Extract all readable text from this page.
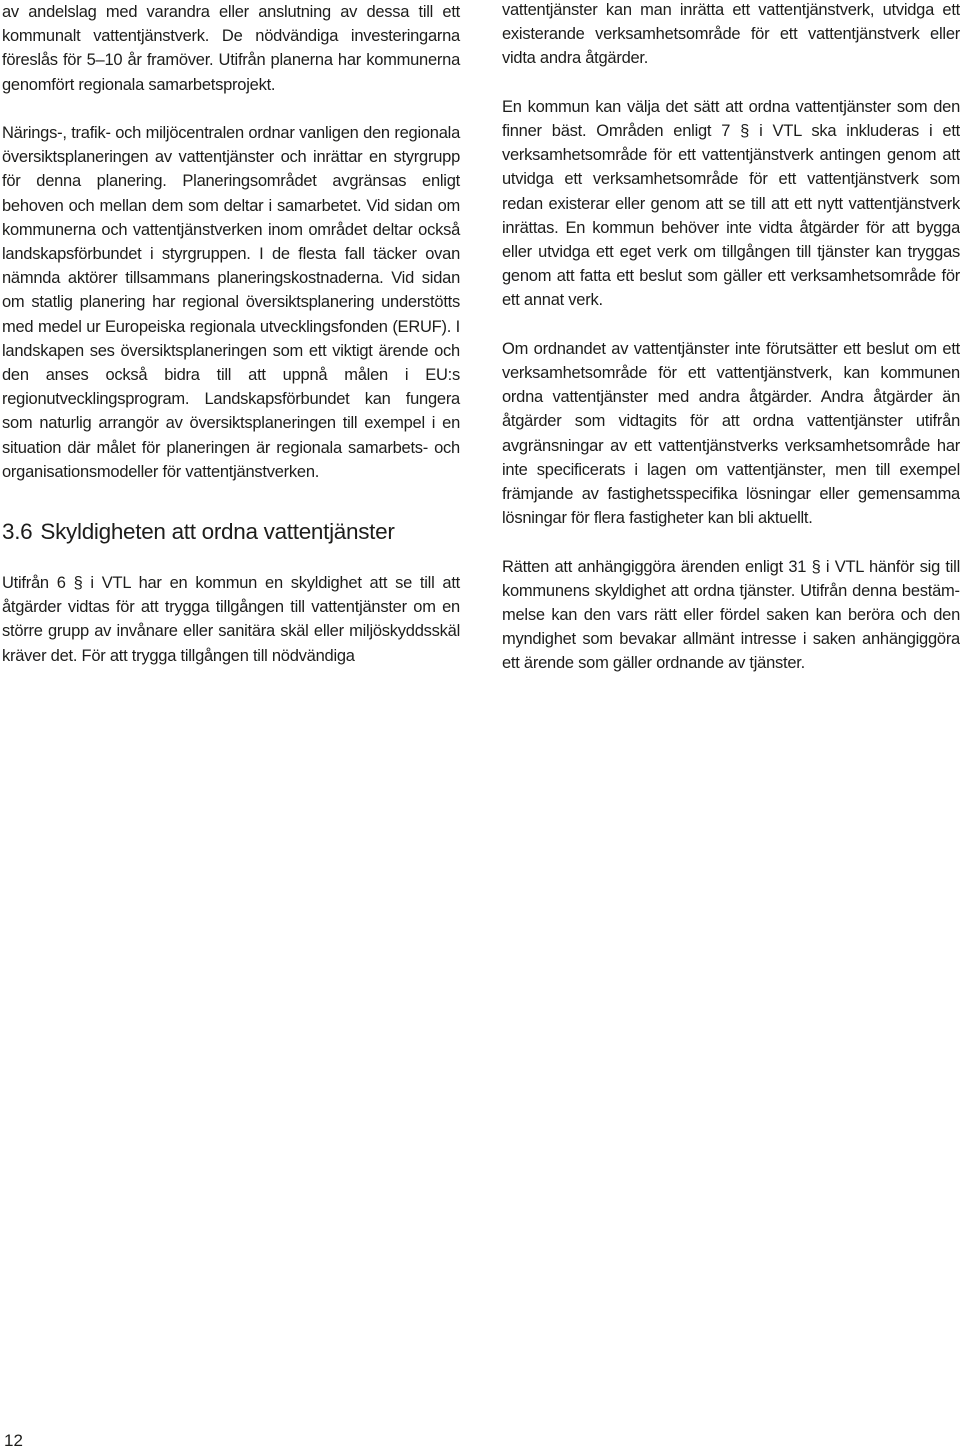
av andelslag med varandra eller anslutning av dessa till ett kommunalt vattentjänstverk. De nödvändiga investeringarna föreslås för 5–10 år framöver. Utifrån planerna har kommunerna genomfört regionala samarbetsprojekt.

Närings-, trafik- och miljöcentralen ordnar vanligen den regionala översiktsplaneringen av vattentjänster och inrättar en styrgrupp för denna planering. Planeringsområdet avgränsas enligt behoven och mellan dem som deltar i samarbetet. Vid sidan om kommunerna och vattentjänstverken inom området deltar också landskapsförbundet i styrgruppen. I de flesta fall täcker ovan nämnda aktörer tillsammans planeringskostnaderna. Vid sidan om statlig planering har regional översiktsplanering understötts med medel ur Europeiska regionala utvecklingsfonden (ERUF). I landskapen ses översiktsplaneringen som ett viktigt ärende och den anses också bidra till att uppnå målen i EU:s regionutvecklingsprogram. Landskapsförbundet kan fungera som naturlig arrangör av översiktsplaneringen till exempel i en situation där målet för planeringen är regionala samarbets- och organisationsmodeller för vattentjänstverken.

3.6 Skyldigheten att ordna vattentjänster

Utifrån 6 § i VTL har en kommun en skyldighet att se till att åtgärder vidtas för att trygga tillgången till vattentjänster om en större grupp av invånare eller sanitära skäl eller miljöskyddsskäl kräver det. För att trygga tillgången till nödvändiga

vattentjänster kan man inrätta ett vattentjänstverk, utvidga ett existerande verksamhetsområde för ett vattentjänstverk eller vidta andra åtgärder.

En kommun kan välja det sätt att ordna vattentjänster som den finner bäst. Områden enligt 7 § i VTL ska inkluderas i ett verksamhetsområde för ett vattentjänstverk antingen genom att utvidga ett verksamhetsområde för ett vattentjänstverk som redan existerar eller genom att se till att ett nytt vattentjänstverk inrättas. En kommun behöver inte vidta åtgärder för att bygga eller utvidga ett eget verk om tillgången till tjänster kan tryggas genom att fatta ett beslut som gäller ett verksamhetsområde för ett annat verk.

Om ordnandet av vattentjänster inte förutsätter ett beslut om ett verksamhetsområde för ett vattentjänstverk, kan kommunen ordna vattentjänster med andra åtgärder. Andra åtgärder än åtgärder som vidtagits för att ordna vattentjänster utifrån avgränsningar av ett vattentjänstverks verksamhetsområde har inte specificerats i lagen om vattentjänster, men till exempel främjande av fastighetsspecifika lösningar eller gemensamma lösningar för flera fastigheter kan bli aktuellt.

Rätten att anhängiggöra ärenden enligt 31 § i VTL hänför sig till kommunens skyldighet att ordna tjänster. Utifrån denna bestämmelse kan den vars rätt eller fördel saken kan beröra och den myndighet som bevakar allmänt intresse i saken anhängiggöra ett ärende som gäller ordnande av tjänster.

12
